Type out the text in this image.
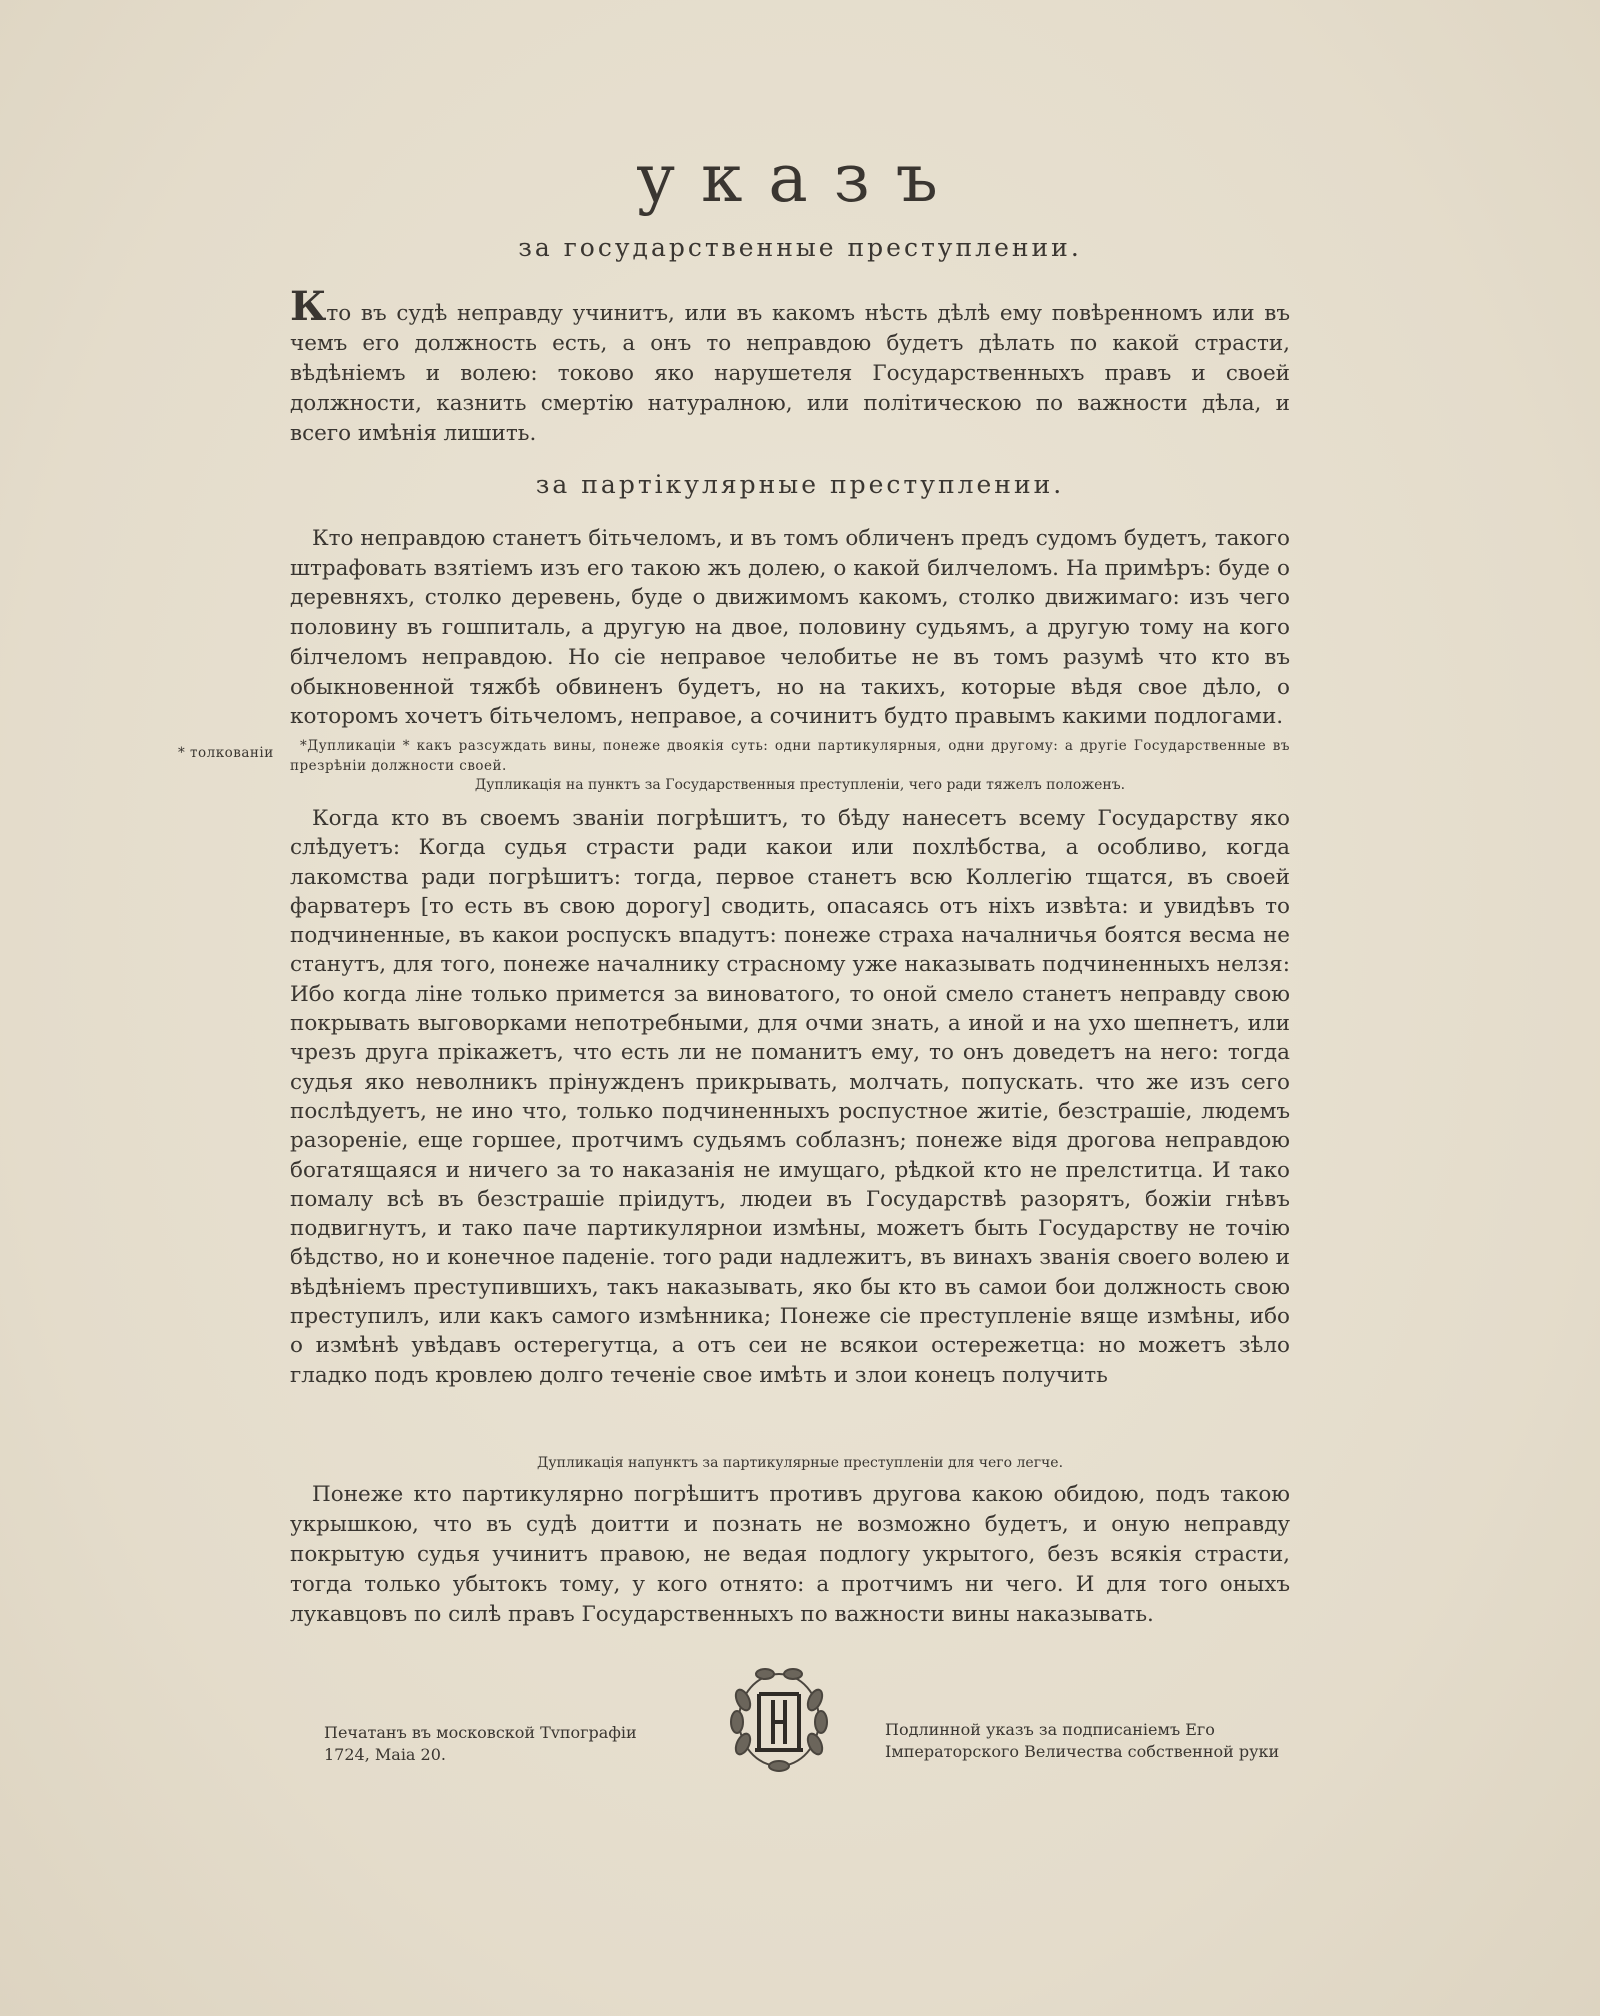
указъ
за государственные преступлении.

Кто въ судѣ неправду учинитъ, или въ какомъ нѣсть дѣлѣ ему повѣренномъ или въ чемъ его должность есть, а онъ то неправдою будетъ дѣлать по какой страсти, вѣдѣнiемъ и волею: токово яко нарушетеля Государственныхъ правъ и своей должности, казнить смертiю натуралною, или полiтическою по важности дѣла, и всего имѣнiя лишить.

за партiкулярные преступлении.

Кто неправдою станетъ бiтьчеломъ, и въ томъ обличенъ предъ судомъ будетъ, такого штрафовать взятiемъ изъ его такою жъ долею, о какой билчеломъ. На примѣръ: буде о деревняхъ, столко деревень, буде о движимомъ какомъ, столко движимаго: изъ чего половину въ гошпиталь, а другую на двое, половину судьямъ, а другую тому на кого бiлчеломъ неправдою. Но сiе неправое челобитье не въ томъ разумѣ что кто въ обыкновенной тяжбѣ обвиненъ будетъ, но на такихъ, которые вѣдя свое дѣло, о которомъ хочетъ бiтьчеломъ, неправое, а сочинитъ будто правымъ какими подлогами.

* толкованiи	*Дупликацiи * какъ разсуждать вины, понеже двоякiя суть: одни партикулярныя, одни другому: а другiе Государственные въ презрѣнiи должности своей.

Дупликацiя на пунктъ за Государственныя преступленiи, чего ради тяжелъ положенъ.

Когда кто въ своемъ званiи погрѣшитъ, то бѣду нанесетъ всему Государству яко слѣдуетъ: Когда судья страсти ради какои или похлѣбства, а особливо, когда лакомства ради погрѣшитъ: тогда, первое станетъ всю Коллегiю тщатся, въ своей фарватеръ [то есть въ свою дорогу] сводить, опасаясь отъ нiхъ извѣта: и увидѣвъ то подчиненные, въ какои роспускъ впадутъ: понеже страха началничья боятся весма не станутъ, для того, понеже началнику страсному уже наказывать подчиненныхъ нелзя: Ибо когда лiне только примется за виноватого, то оной смело станетъ неправду свою покрывать выговорками непотребными, для очми знать, а иной и на ухо шепнетъ, или чрезъ друга прiкажетъ, что есть ли не поманитъ ему, то онъ доведетъ на него: тогда судья яко неволникъ прiнужденъ прикрывать, молчать, попускать. что же изъ сего послѣдуетъ, не ино что, только подчиненныхъ роспустное житiе, безстрашiе, людемъ разоренiе, еще горшее, протчимъ судьямъ соблазнъ; понеже вiдя дрогова неправдою богатящаяся и ничего за то наказанiя не имущаго, рѣдкой кто не прелститца. И тако помалу всѣ въ безстрашiе прiидутъ, людеи въ Государствѣ разорятъ, божiи гнѣвъ подвигнутъ, и тако паче партикулярнои измѣны, можетъ быть Государству не точiю бѣдство, но и конечное паденiе. того ради надлежитъ, въ винахъ званiя своего волею и вѣдѣнiемъ преступившихъ, такъ наказывать, яко бы кто въ самои бои должность свою преступилъ, или какъ самого измѣнника; Понеже сiе преступленiе вяще измѣны, ибо о измѣнѣ увѣдавъ остерегутца, а отъ сеи не всякои остережетца: но можетъ зѣло гладко подъ кровлею долго теченiе свое имѣть и злои конецъ получить

Дупликацiя напунктъ за партикулярные преступленiи для чего легче.

Понеже кто партикулярно погрѣшитъ противъ другова какою обидою, подъ такою укрышкою, что въ судѣ доитти и познать не возможно будетъ, и оную неправду покрытую судья учинитъ правою, не ведая подлогу укрытого, безъ всякiя страсти, тогда только убытокъ тому, у кого отнято: а протчимъ ни чего. И для того оныхъ лукавцовъ по силѣ правъ Государственныхъ по важности вины наказывать.

Печатанъ въ московской Тvпографiи
1724, Маiа 20.
Подлинной указъ за подписанiемъ Его
Iмператорского Величества собственной руки
